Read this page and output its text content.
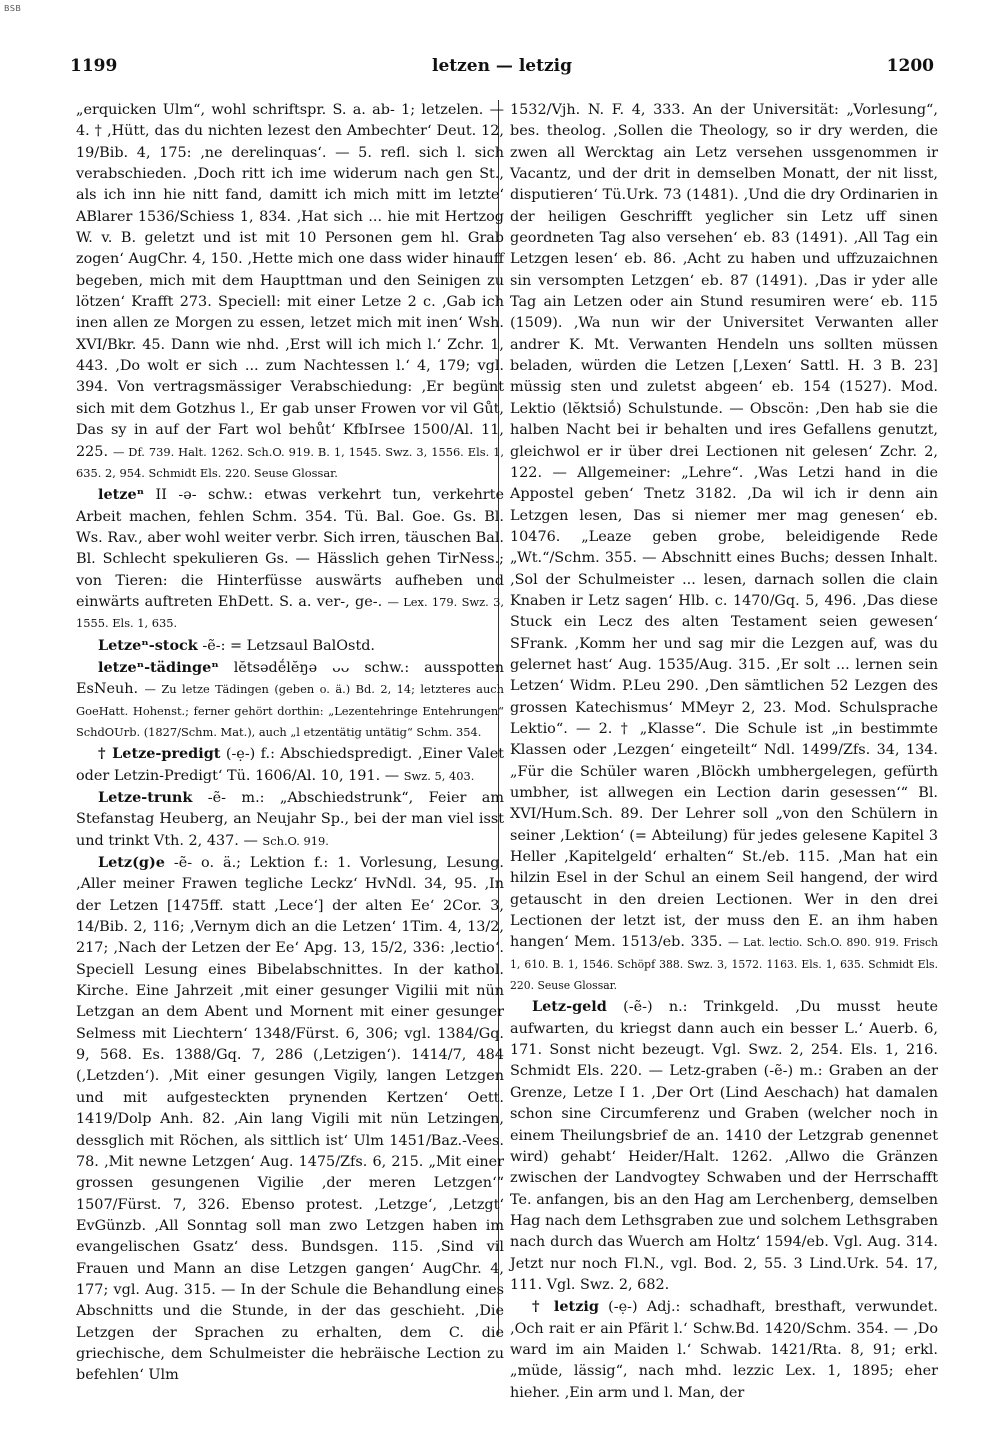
BSB
1199	letzen — letzig	1200

„erquicken Ulm“, wohl schriftspr. S. a. ab- 1; letzelen. — 4. † ‚Hütt, das du nichten lezest den Ambechter‘ Deut. 12, 19/Bib. 4, 175: ‚ne derelinquas‘. — 5. refl. sich l. sich verabschieden. ‚Doch ritt ich ime widerum nach gen St., als ich inn hie nitt fand, damitt ich mich mitt im letzte‘ ABlarer 1536/Schiess 1, 834. ‚Hat sich ... hie mit Hertzog W. v. B. geletzt und ist mit 10 Personen gem hl. Grab zogen‘ AugChr. 4, 150. ‚Hette mich one dass wider hinauff begeben, mich mit dem Haupttman und den Seinigen zu lötzen‘ Krafft 273. Speciell: mit einer Letze 2 c. ‚Gab ich inen allen ze Morgen zu essen, letzet mich mit inen‘ Wsh. XVI/Bkr. 45. Dann wie nhd. ‚Erst will ich mich l.‘ Zchr. 1, 443. ‚Do wolt er sich ... zum Nachtessen l.‘ 4, 179; vgl. 394. Von vertragsmässiger Verabschiedung: ‚Er begünt sich mit dem Gotzhus l., Er gab unser Frowen vor vil Gůt, Das sy in auf der Fart wol behůt‘ KfbIrsee 1500/Al. 11, 225. — Df. 739. Halt. 1262. Sch.O. 919. B. 1, 1545. Swz. 3, 1556. Els. 1, 635. 2, 954. Schmidt Els. 220. Seuse Glossar.

letzeⁿ II -ə- schw.: etwas verkehrt tun, verkehrte Arbeit machen, fehlen Schm. 354. Tü. Bal. Goe. Gs. Bl. Ws. Rav., aber wohl weiter verbr. Sich irren, täuschen Bal. Bl. Schlecht spekulieren Gs. — Hässlich gehen TirNess.; von Tieren: die Hinterfüsse auswärts aufheben und einwärts auftreten EhDett. S. a. ver-, ge-. — Lex. 179. Swz. 3, 1555. Els. 1, 635.

Letzeⁿ-stock -ẽ-: = Letzsaul BalOstd.

letzeⁿ-tädingeⁿ lĕtsədḗlĕŋə ᴗᴗ schw.: ausspotten EsNeuh. — Zu letze Tädingen (geben o. ä.) Bd. 2, 14; letzteres auch GoeHatt. Hohenst.; ferner gehört dorthin: „Lezentehringe Entehrungen“ SchdOUrb. (1827/Schm. Mat.), auch „l etzentätig untätig“ Schm. 354.

† Letze-predigt (-ẹ-) f.: Abschiedspredigt. ‚Einer Valet oder Letzin-Predigt‘ Tü. 1606/Al. 10, 191. — Swz. 5, 403.

Letze-trunk -ẽ- m.: „Abschiedstrunk“, Feier am Stefanstag Heuberg, an Neujahr Sp., bei der man viel isst und trinkt Vth. 2, 437. — Sch.O. 919.

Letz(g)e -ẽ- o. ä.; Lektion f.: 1. Vorlesung, Lesung. ‚Aller meiner Frawen tegliche Leckz‘ HvNdl. 34, 95. ‚In der Letzen [1475ff. statt ‚Lece‘] der alten Ee‘ 2Cor. 3, 14/Bib. 2, 116; ‚Vernym dich an die Letzen‘ 1Tim. 4, 13/2, 217; ‚Nach der Letzen der Ee‘ Apg. 13, 15/2, 336: ‚lectio‘. Speciell Lesung eines Bibelabschnittes. In der kathol. Kirche. Eine Jahrzeit ‚mit einer gesunger Vigilii mit nün Letzgan an dem Abent und Mornent mit einer gesunger Selmess mit Liechtern‘ 1348/Fürst. 6, 306; vgl. 1384/Gq. 9, 568. Es. 1388/Gq. 7, 286 (‚Letzigen‘). 1414/7, 484 (‚Letzden‘). ‚Mit einer gesungen Vigily, langen Letzgen und mit aufgesteckten prynenden Kertzen‘ Oett. 1419/Dolp Anh. 82. ‚Ain lang Vigili mit nün Letzingen, dessglich mit Röchen, als sittlich ist‘ Ulm 1451/Baz.-Vees. 78. ‚Mit newne Letzgen‘ Aug. 1475/Zfs. 6, 215. „Mit einer grossen gesungenen Vigilie ‚der meren Letzgen‘“ 1507/Fürst. 7, 326. Ebenso protest. ‚Letzge‘, ‚Letzgt‘ EvGünzb. ‚All Sonntag soll man zwo Letzgen haben im evangelischen Gsatz‘ dess. Bundsgen. 115. ‚Sind vil Frauen und Mann an dise Letzgen gangen‘ AugChr. 4, 177; vgl. Aug. 315. — In der Schule die Behandlung eines Abschnitts und die Stunde, in der das geschieht. ‚Die Letzgen der Sprachen zu erhalten, dem C. die griechische, dem Schulmeister die hebräische Lection zu befehlen‘ Ulm

1532/Vjh. N. F. 4, 333. An der Universität: „Vorlesung“, bes. theolog. ‚Sollen die Theology, so ir dry werden, die zwen all Wercktag ain Letz versehen ussgenommen ir Vacantz, und der drit in demselben Monatt, der nit lisst, disputieren‘ Tü.Urk. 73 (1481). ‚Und die dry Ordinarien in der heiligen Geschrifft yeglicher sin Letz uff sinen geordneten Tag also versehen‘ eb. 83 (1491). ‚All Tag ein Letzgen lesen‘ eb. 86. ‚Acht zu haben und uffzuzaichnen sin versompten Letzgen‘ eb. 87 (1491). ‚Das ir yder alle Tag ain Letzen oder ain Stund resumiren were‘ eb. 115 (1509). ‚Wa nun wir der Universitet Verwanten aller andrer K. Mt. Verwanten Hendeln uns sollten müssen beladen, würden die Letzen [‚Lexen‘ Sattl. H. 3 B. 23] müssig sten und zuletst abgeen‘ eb. 154 (1527). Mod. Lektio (lĕktsiṓ) Schulstunde. — Obscön: ‚Den hab sie die halben Nacht bei ir behalten und ires Gefallens genutzt, gleichwol er ir über drei Lectionen nit gelesen‘ Zchr. 2, 122. — Allgemeiner: „Lehre“. ‚Was Letzi hand in die Appostel geben‘ Tnetz 3182. ‚Da wil ich ir denn ain Letzgen lesen, Das si niemer mer mag genesen‘ eb. 10476. „Leaze geben grobe, beleidigende Rede „Wt.“/Schm. 355. — Abschnitt eines Buchs; dessen Inhalt. ‚Sol der Schulmeister ... lesen, darnach sollen die clain Knaben ir Letz sagen‘ Hlb. c. 1470/Gq. 5, 496. ‚Das diese Stuck ein Lecz des alten Testament seien gewesen‘ SFrank. ‚Komm her und sag mir die Lezgen auf, was du gelernet hast‘ Aug. 1535/Aug. 315. ‚Er solt ... lernen sein Letzen‘ Widm. P.Leu 290. ‚Den sämtlichen 52 Lezgen des grossen Katechismus‘ MMeyr 2, 23. Mod. Schulsprache Lektio“. — 2. † „Klasse“. Die Schule ist „in bestimmte Klassen oder ‚Lezgen‘ eingeteilt“ Ndl. 1499/Zfs. 34, 134. „Für die Schüler waren ‚Blöckh umbhergelegen, gefürth umbher, ist allwegen ein Lection darin gesessen‘“ Bl. XVI/Hum.Sch. 89. Der Lehrer soll „von den Schülern in seiner ‚Lektion‘ (= Abteilung) für jedes gelesene Kapitel 3 Heller ‚Kapitelgeld‘ erhalten“ St./eb. 115. ‚Man hat ein hilzin Esel in der Schul an einem Seil hangend, der wird getauscht in den dreien Lectionen. Wer in den drei Lectionen der letzt ist, der muss den E. an ihm haben hangen‘ Mem. 1513/eb. 335. — Lat. lectio. Sch.O. 890. 919. Frisch 1, 610. B. 1, 1546. Schöpf 388. Swz. 3, 1572. 1163. Els. 1, 635. Schmidt Els. 220. Seuse Glossar.

Letz-geld (-ẽ-) n.: Trinkgeld. ‚Du musst heute aufwarten, du kriegst dann auch ein besser L.‘ Auerb. 6, 171. Sonst nicht bezeugt. Vgl. Swz. 2, 254. Els. 1, 216. Schmidt Els. 220. — Letz-graben (-ẽ-) m.: Graben an der Grenze, Letze I 1. ‚Der Ort (Lind Aeschach) hat damalen schon sine Circumferenz und Graben (welcher noch in einem Theilungsbrief de an. 1410 der Letzgrab genennet wird) gehabt‘ Heider/Halt. 1262. ‚Allwo die Gränzen zwischen der Landvogtey Schwaben und der Herrschafft Te. anfangen, bis an den Hag am Lerchenberg, demselben Hag nach dem Lethsgraben zue und solchem Lethsgraben nach durch das Wuerch am Holtz‘ 1594/eb. Vgl. Aug. 314. Jetzt nur noch Fl.N., vgl. Bod. 2, 55. 3 Lind.Urk. 54. 17, 111. Vgl. Swz. 2, 682.

† letzig (-ẹ-) Adj.: schadhaft, bresthaft, verwundet. ‚Och rait er ain Pfärit l.‘ Schw.Bd. 1420/Schm. 354. — ‚Do ward im ain Maiden l.‘ Schwab. 1421/Rta. 8, 91; erkl. „müde, lässig“, nach mhd. lezzic Lex. 1, 1895; eher hieher. ‚Ein arm und l. Man, der
